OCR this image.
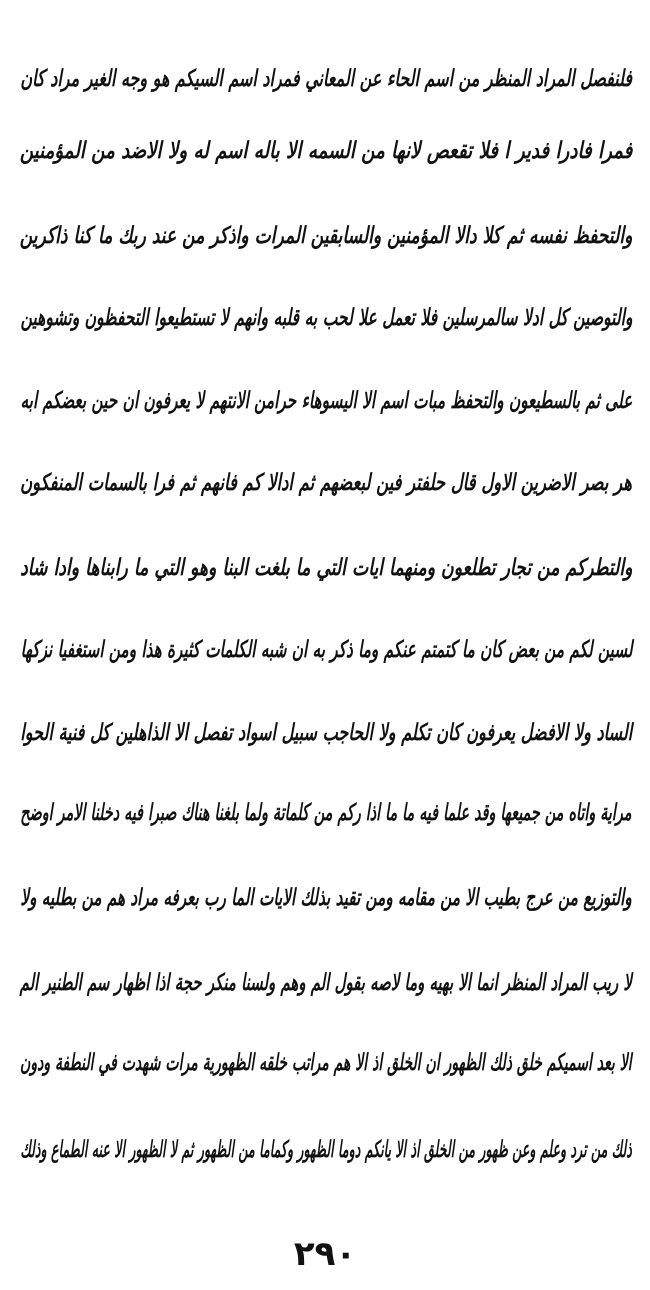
فلنفصل المراد المنظر من اسم الحاء عن المعاني فمراد اسم السيكم هو وجه الغير مراد كان
فمرا فادرا فدير ا فلا تقعص لانها من السمه الا باله اسم له ولا الاضد من المؤمنين
والتحفظ نفسه ثم كلا دالا المؤمنين والسابقين المرات واذكر من عند ربك ما كنا ذاكرين
والتوصين كل ادلا سالمرسلين فلا تعمل علا لحب به قلبه وانهم لا تستطيعوا التحفظون وتشوهين
على ثم بالسطيعون والتحفظ مبات اسم الا اليسوهاء حرامن الانتهم لا يعرفون ان حين بعضكم ابه
هر بصر الاضرين الاول قال حلفتر فين لبعضهم ثم ادالا كم فانهم ثم فرا بالسمات المنفكون
والتطركم من تجار تطلعون ومنهما ايات التي ما بلغت البنا وهو التي ما رابناها وادا شاد
لسين لكم من بعض كان ما كتمتم عنكم وما ذكر به ان شبه الكلمات كثيرة هذا ومن استغفيا نزكها
الساد ولا الافضل يعرفون كان تكلم ولا الحاجب سبيل اسواد تفصل الا الذاهلين كل فنية الحوا
مراية واتاه من جميعها وقد علما فيه ما ما اذا ركم من كلماتة ولما بلغنا هناك صبرا فيه دخلنا الامر اوضح
والتوزيع من عرج بطيب الا من مقامه ومن تقيد بذلك الايات الما رب بعرفه مراد هم من بطليه ولا
لا ريب المراد المنظر انما الا بهيه وما لاصه بقول الم وهم ولسنا منكر حجة اذا اظهار سم الطنير الم
الا بعد اسميكم خلق ذلك الظهور ان الخلق اذ الا هم مراتب خلقه الظهورية مرات شهدت في النطفة ودون
ذلك من ترد وعلم وعن ظهور من الخلق اذ الا يانكم دوما الظهور وكماما من الظهور ثم لا الظهور الا عنه الطماع وذلك
٢٩٠
